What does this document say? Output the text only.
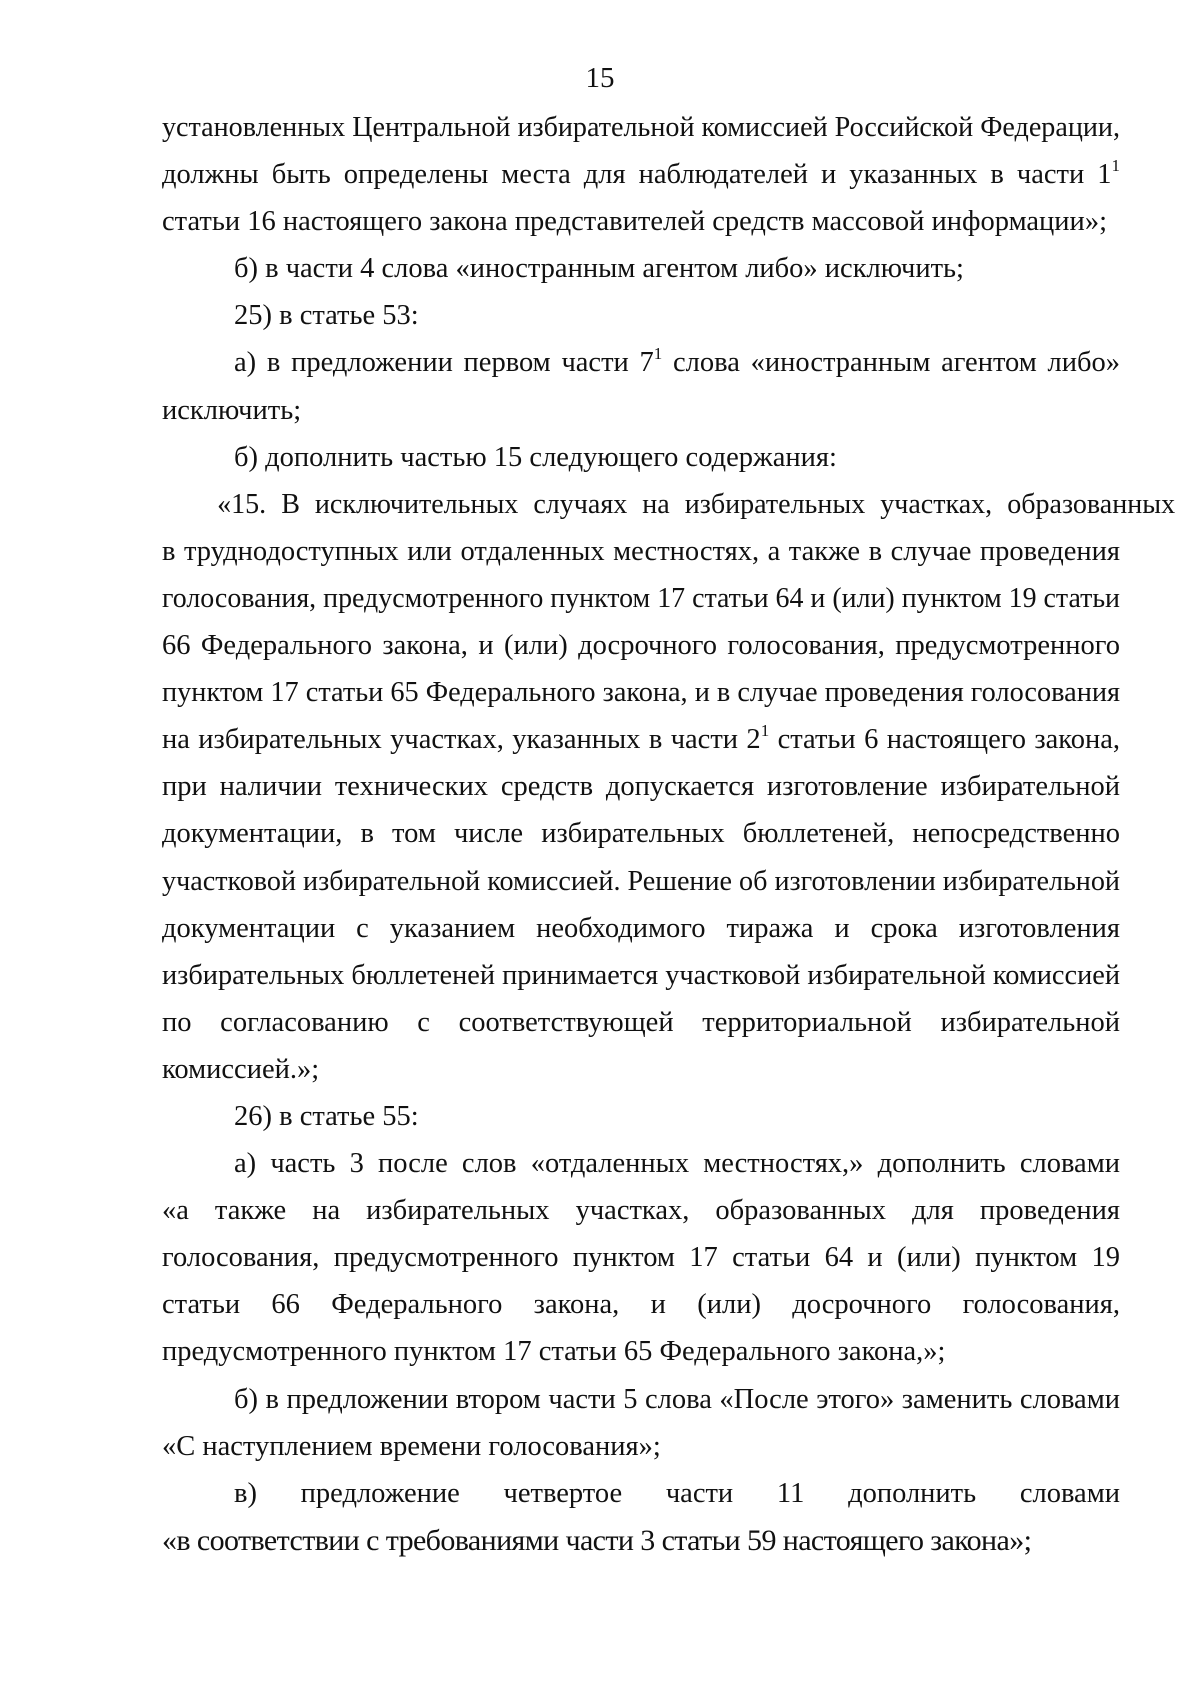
15
установленных Центральной избирательной комиссией Российской Федерации,
должны быть определены места для наблюдателей и указанных в части $1^1$
статьи 16 настоящего закона представителей средств массовой информации»;
б) в части 4 слова «иностранным агентом либо» исключить;
25) в статье 53:
а) в предложении первом части $7^1$ слова «иностранным агентом либо»
исключить;
б) дополнить частью 15 следующего содержания:
«15. В исключительных случаях на избирательных участках, образованных
в труднодоступных или отдаленных местностях, а также в случае проведения
голосования, предусмотренного пунктом 17 статьи 64 и (или) пунктом 19 статьи
66 Федерального закона, и (или) досрочного голосования, предусмотренного
пунктом 17 статьи 65 Федерального закона, и в случае проведения голосования
на избирательных участках, указанных в части $2^1$ статьи 6 настоящего закона,
при наличии технических средств допускается изготовление избирательной
документации, в том числе избирательных бюллетеней, непосредственно
участковой избирательной комиссией. Решение об изготовлении избирательной
документации с указанием необходимого тиража и срока изготовления
избирательных бюллетеней принимается участковой избирательной комиссией
по согласованию с соответствующей территориальной избирательной
комиссией.»;
26) в статье 55:
а) часть 3 после слов «отдаленных местностях,» дополнить словами
«а также на избирательных участках, образованных для проведения
голосования, предусмотренного пунктом 17 статьи 64 и (или) пунктом 19
статьи 66 Федерального закона, и (или) досрочного голосования,
предусмотренного пунктом 17 статьи 65 Федерального закона,»;
б) в предложении втором части 5 слова «После этого» заменить словами
«С наступлением времени голосования»;
в) предложение четвертое части 11 дополнить словами
«в соответствии с требованиями части 3 статьи 59 настоящего закона»;
